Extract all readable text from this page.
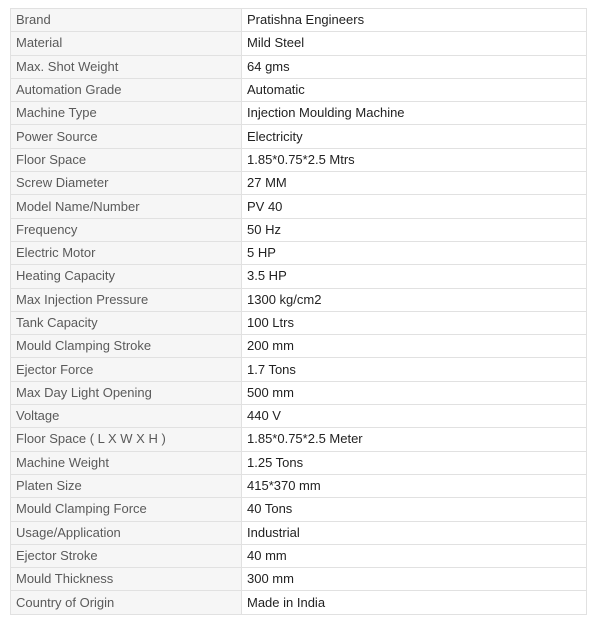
Brand	Pratishna Engineers
Material	Mild Steel
Max. Shot Weight	64 gms
Automation Grade	Automatic
Machine Type	Injection Moulding Machine
Power Source	Electricity
Floor Space	1.85*0.75*2.5 Mtrs
Screw Diameter	27 MM
Model Name/Number	PV 40
Frequency	50 Hz
Electric Motor	5 HP
Heating Capacity	3.5 HP
Max Injection Pressure	1300 kg/cm2
Tank Capacity	100 Ltrs
Mould Clamping Stroke	200 mm
Ejector Force	1.7 Tons
Max Day Light Opening	500 mm
Voltage	440 V
Floor Space ( L X W X H )	1.85*0.75*2.5 Meter
Machine Weight	1.25 Tons
Platen Size	415*370 mm
Mould Clamping Force	40 Tons
Usage/Application	Industrial
Ejector Stroke	40 mm
Mould Thickness	300 mm
Country of Origin	Made in India
